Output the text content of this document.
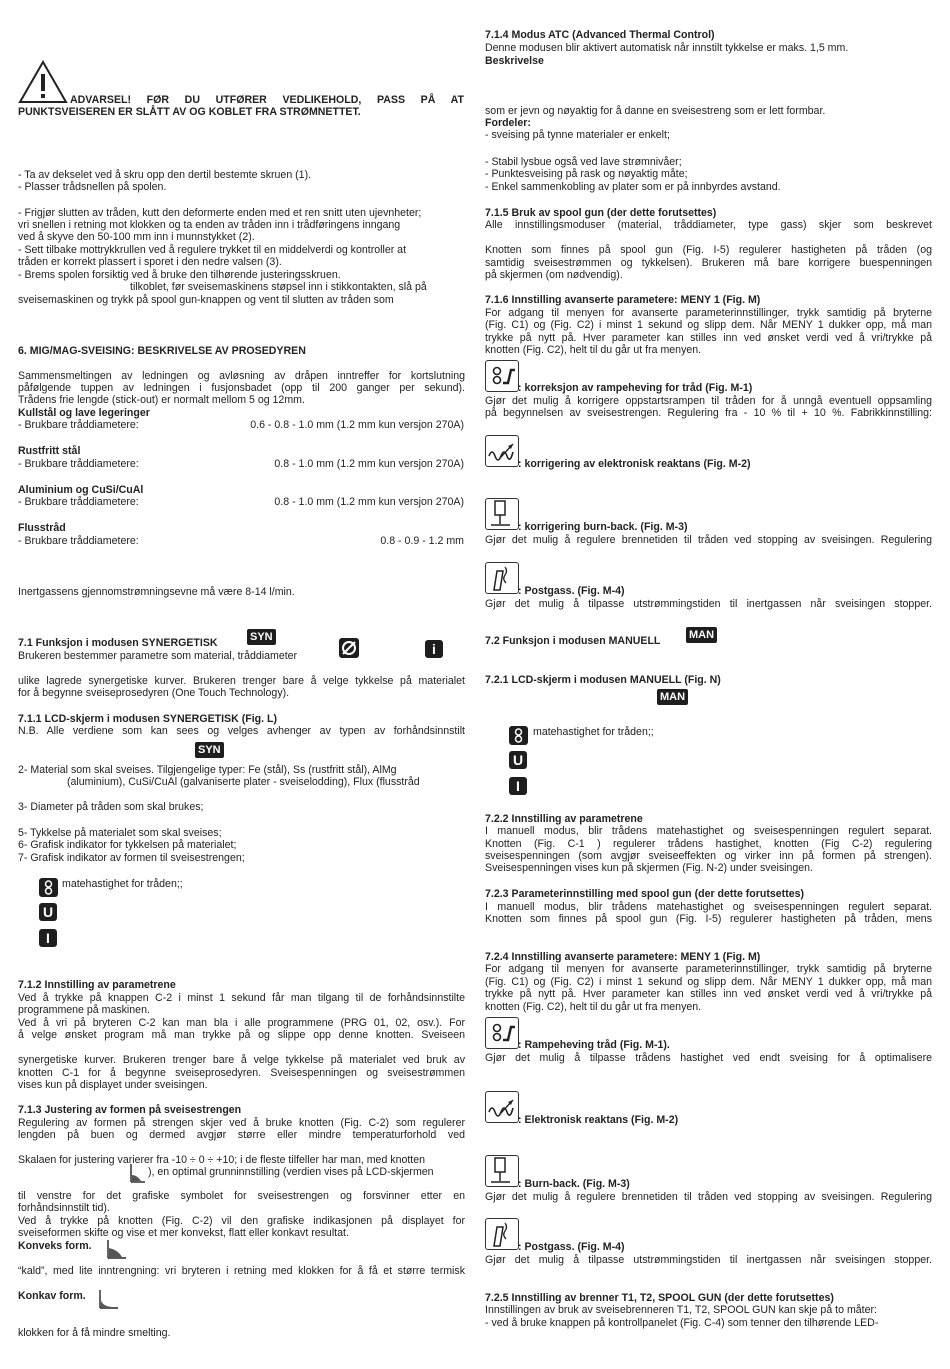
ADVARSEL! FØR DU UTFØRER VEDLIKEHOLD, PASS PÅ AT
PUNKTSVEISEREN ER SLÅTT AV OG KOBLET FRA STRØMNETTET.
- Ta av dekselet ved å skru opp den dertil bestemte skruen (1).
- Plasser trådsnellen på spolen.
- Frigjør slutten av tråden, kutt den deformerte enden med et ren snitt uten ujevnheter;
vri snellen i retning mot klokken og ta enden av tråden inn i trådføringens inngang
ved å skyve den 50-100 mm inn i munnstykket (2).
- Sett tilbake mottrykkrullen ved å regulere trykket til en middelverdi og kontroller at
tråden er korrekt plassert i sporet i den nedre valsen (3).
- Brems spolen forsiktig ved å bruke den tilhørende justeringsskruen.
tilkoblet, før sveisemaskinens støpsel inn i stikkontakten, slå på
sveisemaskinen og trykk på spool gun-knappen og vent til slutten av tråden som
6. MIG/MAG-SVEISING: BESKRIVELSE AV PROSEDYREN
Sammensmeltingen av ledningen og avløsning av dråpen inntreffer for kortslutning
påfølgende tuppen av ledningen i fusjonsbadet (opp til 200 ganger per sekund).
Trådens frie lengde (stick-out) er normalt mellom 5 og 12mm.
Kullstål og lave legeringer
- Brukbare tråddiametere:	0.6 - 0.8 - 1.0 mm (1.2 mm kun versjon 270A)
Rustfritt stål
- Brukbare tråddiametere:	0.8 - 1.0 mm (1.2 mm kun versjon 270A)
Aluminium og CuSi/CuAl
- Brukbare tråddiametere:	0.8 - 1.0 mm (1.2 mm kun versjon 270A)
Flusstråd
- Brukbare tråddiametere:	0.8 - 0.9 - 1.2 mm
Inertgassens gjennomstrømningsevne må være 8-14 l/min.
7.1 Funksjon i modusen SYNERGETISK	SYN
Brukeren bestemmer parametre som material, tråddiameter	i
ulike lagrede synergetiske kurver. Brukeren trenger bare å velge tykkelse på materialet
for å begynne sveiseprosedyren (One Touch Technology).
7.1.1 LCD-skjerm i modusen SYNERGETISK (Fig. L)
N.B. Alle verdiene som kan sees og velges avhenger av typen av forhåndsinnstilt
SYN
2- Material som skal sveises. Tilgjengelige typer: Fe (stål), Ss (rustfritt stål), AlMg
(aluminium), CuSi/CuAl (galvaniserte plater - sveiselodding), Flux (flusstråd
3- Diameter på tråden som skal brukes;
5- Tykkelse på materialet som skal sveises;
6- Grafisk indikator for tykkelsen på materialet;
7- Grafisk indikator av formen til sveisestrengen;
matehastighet for tråden;;
U
I
7.1.2 Innstilling av parametrene
Ved å trykke på knappen C-2 i minst 1 sekund får man tilgang til de forhåndsinnstilte
programmene på maskinen.
Ved å vri på bryteren C-2 kan man bla i alle programmene (PRG 01, 02, osv.). For
å velge ønsket program må man trykke på og slippe opp denne knotten. Sveiseen
synergetiske kurver. Brukeren trenger bare å velge tykkelse på materialet ved bruk av
knotten C-1 for å begynne sveiseprosedyren. Sveisespenningen og sveisestrømmen
vises kun på displayet under sveisingen.
7.1.3 Justering av formen på sveisestrengen
Regulering av formen på strengen skjer ved å bruke knotten (Fig. C-2) som regulerer
lengden på buen og dermed avgjør større eller mindre temperaturforhold ved
Skalaen for justering varierer fra -10 ÷ 0 ÷ +10; i de fleste tilfeller har man, med knotten
), en optimal grunninnstilling (verdien vises på LCD-skjermen
til venstre for det grafiske symbolet for sveisestrengen og forsvinner etter en
forhåndsinnstilt tid).
Ved å trykke på knotten (Fig. C-2) vil den grafiske indikasjonen på displayet for
sveiseformen skifte og vise et mer konvekst, flatt eller konkavt resultat.
Konveks form.
“kald”, med lite inntrengning: vri bryteren i retning med klokken for å få et større termisk
Konkav form.
klokken for å få mindre smelting.
7.1.4 Modus ATC (Advanced Thermal Control)
Denne modusen blir aktivert automatisk når innstilt tykkelse er maks. 1,5 mm.
Beskrivelse
som er jevn og nøyaktig for å danne en sveisestreng som er lett formbar.
Fordeler:
- sveising på tynne materialer er enkelt;
- Stabil lysbue også ved lave strømnivåer;
- Punktesveising på rask og nøyaktig måte;
- Enkel sammenkobling av plater som er på innbyrdes avstand.
7.1.5 Bruk av spool gun (der dette forutsettes)
Alle innstillingsmoduser (material, tråddiameter, type gass) skjer som beskrevet
Knotten som finnes på spool gun (Fig. I-5) regulerer hastigheten på tråden (og
samtidig sveisestrømmen og tykkelsen). Brukeren må bare korrigere buespenningen
på skjermen (om nødvendig).
7.1.6 Innstilling avanserte parametere: MENY 1 (Fig. M)
For adgang til menyen for avanserte parameterinnstillinger, trykk samtidig på bryterne
(Fig. C1) og (Fig. C2) i minst 1 sekund og slipp dem. Når MENY 1 dukker opp, må man
trykke på nytt på. Hver parameter kan stilles inn ved ønsket verdi ved å vri/trykke på
knotten (Fig. C2), helt til du går ut fra menyen.
: korreksjon av rampeheving for tråd (Fig. M-1)
Gjør det mulig å korrigere oppstartsrampen til tråden for å unngå eventuell oppsamling
på begynnelsen av sveisestrengen. Regulering fra - 10 % til + 10 %. Fabrikkinnstilling:
: korrigering av elektronisk reaktans (Fig. M-2)
: korrigering burn-back. (Fig. M-3)
Gjør det mulig å regulere brennetiden til tråden ved stopping av sveisingen. Regulering
: Postgass. (Fig. M-4)
Gjør det mulig å tilpasse utstrømmingstiden til inertgassen når sveisingen stopper.
7.2 Funksjon i modusen MANUELL	MAN
7.2.1 LCD-skjerm i modusen MANUELL (Fig. N)
MAN
matehastighet for tråden;;
U
I
7.2.2 Innstilling av parametrene
I manuell modus, blir trådens matehastighet og sveisespenningen regulert separat.
Knotten (Fig. C-1 ) regulerer trådens hastighet, knotten (Fig C-2) regulering
sveisespenningen (som avgjør sveiseeffekten og virker inn på formen på strengen).
Sveisespenningen vises kun på skjermen (Fig. N-2) under sveisingen.
7.2.3 Parameterinnstilling med spool gun (der dette forutsettes)
I manuell modus, blir trådens matehastighet og sveisespenningen regulert separat.
Knotten som finnes på spool gun (Fig. I-5) regulerer hastigheten på tråden, mens
7.2.4 Innstilling avanserte parametere: MENY 1 (Fig. M)
For adgang til menyen for avanserte parameterinnstillinger, trykk samtidig på bryterne
(Fig. C1) og (Fig. C2) i minst 1 sekund og slipp dem. Når MENY 1 dukker opp, må man
trykke på nytt på. Hver parameter kan stilles inn ved ønsket verdi ved å vri/trykke på
knotten (Fig. C2), helt til du går ut fra menyen.
: Rampeheving tråd (Fig. M-1).
Gjør det mulig å tilpasse trådens hastighet ved endt sveising for å optimalisere
: Elektronisk reaktans (Fig. M-2)
: Burn-back. (Fig. M-3)
Gjør det mulig å regulere brennetiden til tråden ved stopping av sveisingen. Regulering
: Postgass. (Fig. M-4)
Gjør det mulig å tilpasse utstrømmingstiden til inertgassen når sveisingen stopper.
7.2.5 Innstilling av brenner T1, T2, SPOOL GUN (der dette forutsettes)
Innstillingen av bruk av sveisebrenneren T1, T2, SPOOL GUN kan skje på to måter:
- ved å bruke knappen på kontrollpanelet (Fig. C-4) som tenner den tilhørende LED-
